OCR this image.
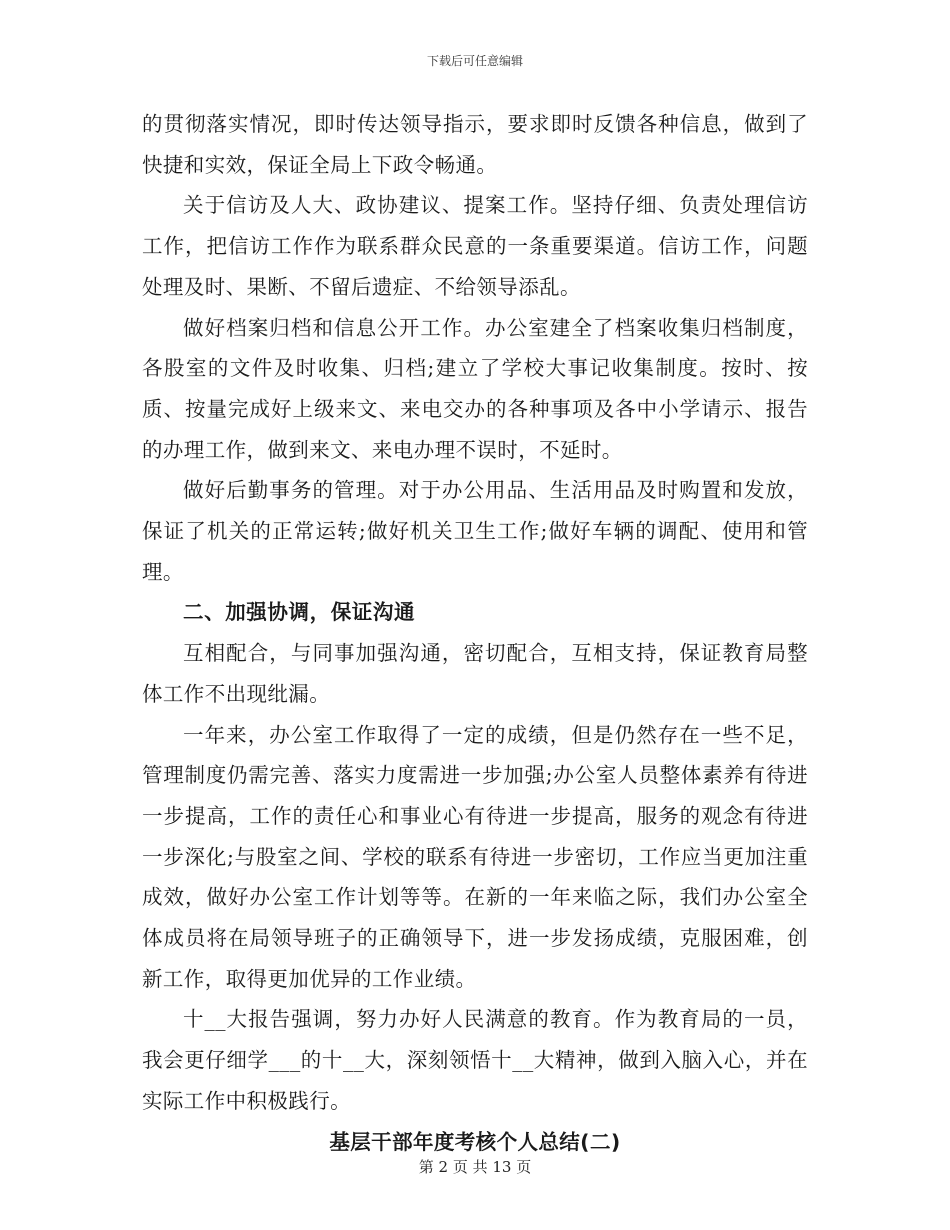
下载后可任意编辑

的贯彻落实情况，即时传达领导指示，要求即时反馈各种信息，做到了快捷和实效，保证全局上下政令畅通。

关于信访及人大、政协建议、提案工作。坚持仔细、负责处理信访工作，把信访工作作为联系群众民意的一条重要渠道。信访工作，问题处理及时、果断、不留后遗症、不给领导添乱。

做好档案归档和信息公开工作。办公室建全了档案收集归档制度，各股室的文件及时收集、归档;建立了学校大事记收集制度。按时、按质、按量完成好上级来文、来电交办的各种事项及各中小学请示、报告的办理工作，做到来文、来电办理不误时，不延时。

做好后勤事务的管理。对于办公用品、生活用品及时购置和发放，保证了机关的正常运转;做好机关卫生工作;做好车辆的调配、使用和管理。

二、加强协调，保证沟通

互相配合，与同事加强沟通，密切配合，互相支持，保证教育局整体工作不出现纰漏。

一年来，办公室工作取得了一定的成绩，但是仍然存在一些不足，管理制度仍需完善、落实力度需进一步加强;办公室人员整体素养有待进一步提高，工作的责任心和事业心有待进一步提高，服务的观念有待进一步深化;与股室之间、学校的联系有待进一步密切，工作应当更加注重成效，做好办公室工作计划等等。在新的一年来临之际，我们办公室全体成员将在局领导班子的正确领导下，进一步发扬成绩，克服困难，创新工作，取得更加优异的工作业绩。

十__大报告强调，努力办好人民满意的教育。作为教育局的一员，我会更仔细学___的十__大，深刻领悟十__大精神，做到入脑入心，并在实际工作中积极践行。

基层干部年度考核个人总结(二)

第 2 页 共 13 页
